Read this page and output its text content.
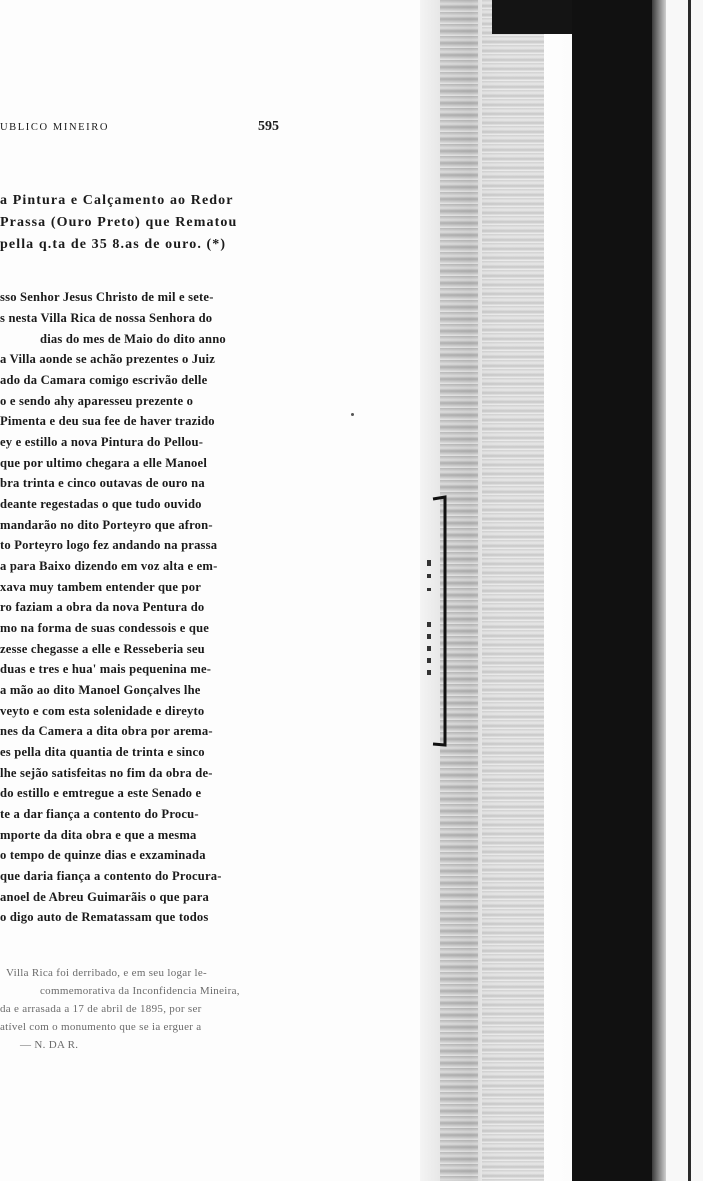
UBLICO MINEIRO	595
a Pintura e Calçamento ao Redor
Prassa (Ouro Preto) que Rematou
pella q.ta de 35 8.as de ouro. (*)
sso Senhor Jesus Christo de mil e sete-
s nesta Villa Rica de nossa Senhora do
dias do mes de Maio do dito anno
a Villa aonde se achão prezentes o Juiz
ado da Camara comigo escrivão delle
o e sendo ahy aparesseu prezente o
Pimenta e deu sua fee de haver trazido
ey e estillo a nova Pintura do Pellou-
que por ultimo chegara a elle Manoel
bra trinta e cinco outavas de ouro na
deante regestadas o que tudo ouvido
mandarão no dito Porteyro que afron-
to Porteyro logo fez andando na prassa
a para Baixo dizendo em voz alta e em-
xava muy tambem entender que por
ro faziam a obra da nova Pentura do
mo na forma de suas condessois e que
zesse chegasse a elle e Resseberia seu
duas e tres e hua' mais pequenina me-
a mão ao dito Manoel Gonçalves lhe
veyto e com esta solenidade e direyto
nes da Camera a dita obra por arema-
es pella dita quantia de trinta e sinco
lhe sejão satisfeitas no fim da obra de-
do estillo e emtregue a este Senado e
te a dar fiança a contento do Procu-
mporte da dita obra e que a mesma
o tempo de quinze dias e exzaminada
que daria fiança a contento do Procura-
anoel de Abreu Guimarãis o que para
o digo auto de Rematassam que todos
Villa Rica foi derribado, e em seu logar le-
commemorativa da Inconfidencia Mineira,
da e arrasada a 17 de abril de 1895, por ser
atível com o monumento que se ia erguer a
— N. DA R.
